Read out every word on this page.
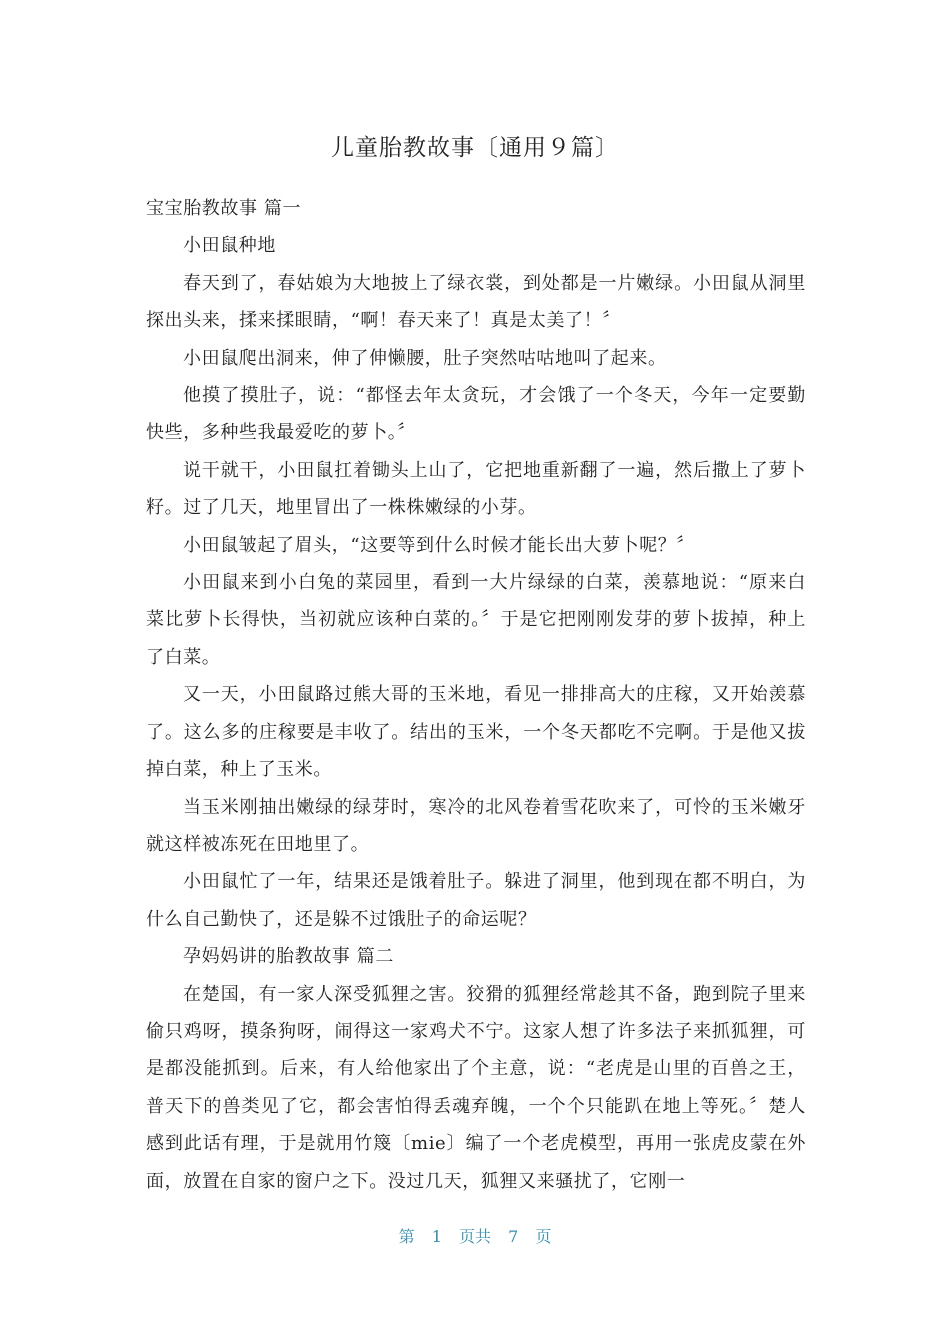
儿童胎教故事〔通用９篇〕

宝宝胎教故事 篇一

小田鼠种地

春天到了，春姑娘为大地披上了绿衣裳，到处都是一片嫩绿。小田鼠从洞里探出头来，揉来揉眼睛，“啊！春天来了！真是太美了！〞

小田鼠爬出洞来，伸了伸懒腰，肚子突然咕咕地叫了起来。

他摸了摸肚子，说：“都怪去年太贪玩，才会饿了一个冬天，今年一定要勤快些，多种些我最爱吃的萝卜。〞

说干就干，小田鼠扛着锄头上山了，它把地重新翻了一遍，然后撒上了萝卜籽。过了几天，地里冒出了一株株嫩绿的小芽。

小田鼠皱起了眉头，“这要等到什么时候才能长出大萝卜呢？〞

小田鼠来到小白兔的菜园里，看到一大片绿绿的白菜，羡慕地说：“原来白菜比萝卜长得快，当初就应该种白菜的。〞于是它把刚刚发芽的萝卜拔掉，种上了白菜。

又一天，小田鼠路过熊大哥的玉米地，看见一排排高大的庄稼，又开始羡慕了。这么多的庄稼要是丰收了。结出的玉米，一个冬天都吃不完啊。于是他又拔掉白菜，种上了玉米。

当玉米刚抽出嫩绿的绿芽时，寒冷的北风卷着雪花吹来了，可怜的玉米嫩牙就这样被冻死在田地里了。

小田鼠忙了一年，结果还是饿着肚子。躲进了洞里，他到现在都不明白，为什么自己勤快了，还是躲不过饿肚子的命运呢？

孕妈妈讲的胎教故事 篇二

在楚国，有一家人深受狐狸之害。狡猾的狐狸经常趁其不备，跑到院子里来偷只鸡呀，摸条狗呀，闹得这一家鸡犬不宁。这家人想了许多法子来抓狐狸，可是都没能抓到。后来，有人给他家出了个主意，说：“老虎是山里的百兽之王，普天下的兽类见了它，都会害怕得丢魂弃魄，一个个只能趴在地上等死。〞楚人感到此话有理，于是就用竹篾〔mie〕编了一个老虎模型，再用一张虎皮蒙在外面，放置在自家的窗户之下。没过几天，狐狸又来骚扰了，它刚一

第 1 页共 7 页
